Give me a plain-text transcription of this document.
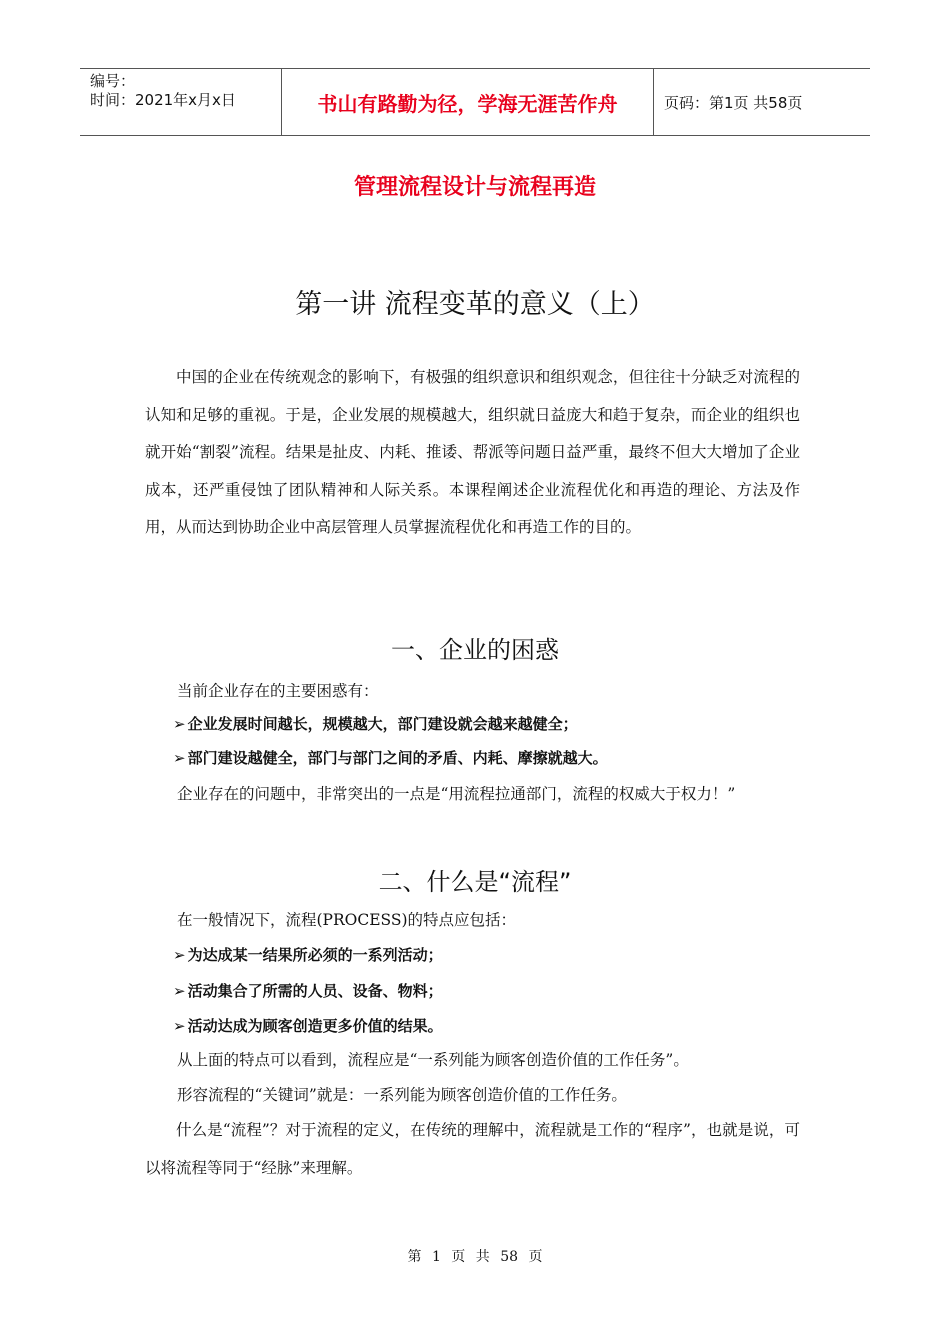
编号：
时间：2021年x月x日	书山有路勤为径，学海无涯苦作舟	页码：第1页 共58页
管理流程设计与流程再造
第一讲 流程变革的意义（上）

中国的企业在传统观念的影响下，有极强的组织意识和组织观念，但往往十分缺乏对流程的认知和足够的重视。于是，企业发展的规模越大，组织就日益庞大和趋于复杂，而企业的组织也就开始“割裂”流程。结果是扯皮、内耗、推诿、帮派等问题日益严重，最终不但大大增加了企业成本，还严重侵蚀了团队精神和人际关系。本课程阐述企业流程优化和再造的理论、方法及作用，从而达到协助企业中高层管理人员掌握流程优化和再造工作的目的。

一、企业的困惑
当前企业存在的主要困惑有：
➢ 企业发展时间越长，规模越大，部门建设就会越来越健全；
➢ 部门建设越健全，部门与部门之间的矛盾、内耗、摩擦就越大。
企业存在的问题中，非常突出的一点是“用流程拉通部门，流程的权威大于权力！”
二、什么是“流程”
在一般情况下，流程(PROCESS)的特点应包括：
➢ 为达成某一结果所必须的一系列活动；
➢ 活动集合了所需的人员、设备、物料；
➢ 活动达成为顾客创造更多价值的结果。
从上面的特点可以看到，流程应是“一系列能为顾客创造价值的工作任务”。
形容流程的“关键词”就是：一系列能为顾客创造价值的工作任务。

什么是“流程”？对于流程的定义，在传统的理解中，流程就是工作的“程序”，也就是说，可以将流程等同于“经脉”来理解。

第 1 页 共 58 页
